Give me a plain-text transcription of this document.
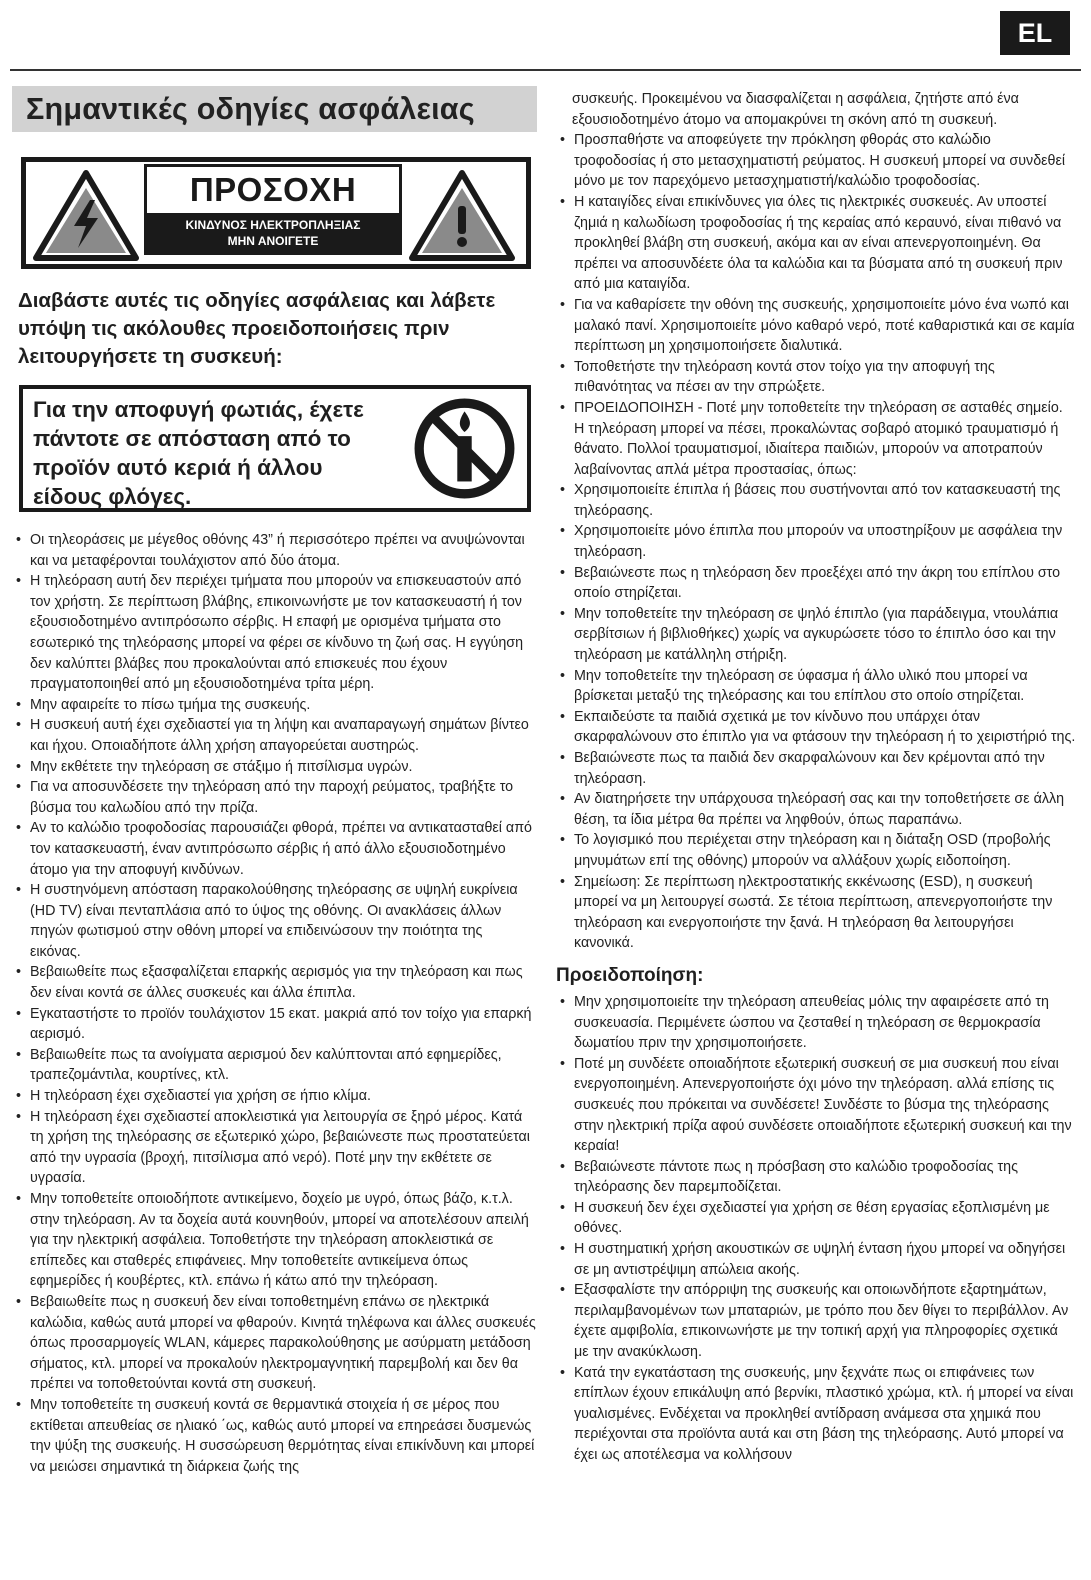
EL
Σημαντικές οδηγίες ασφάλειας
ΠΡΟΣΟΧΗ
ΚΙΝΔΥΝΟΣ ΗΛΕΚΤΡΟΠΛΗΞΙΑΣ
ΜΗΝ ΑΝΟΙΓΕΤΕ
Διαβάστε αυτές τις οδηγίες ασφάλειας και λάβετε υπόψη τις ακόλουθες προειδοποιήσεις πριν λειτουργήσετε τη συσκευή:
Για την αποφυγή φωτιάς, έχετε πάντοτε σε απόσταση από το προϊόν αυτό κεριά ή άλλου είδους φλόγες.
• Οι τηλεοράσεις με μέγεθος οθόνης 43” ή περισσότερο πρέπει να ανυψώνονται και να μεταφέρονται τουλάχιστον από δύο άτομα.
• Η τηλεόραση αυτή δεν περιέχει τμήματα που μπορούν να επισκευαστούν από τον χρήστη. Σε περίπτωση βλάβης, επικοινωνήστε με τον κατασκευαστή ή τον εξουσιοδοτημένο αντιπρόσωπο σέρβις. Η επαφή με ορισμένα τμήματα στο εσωτερικό της τηλεόρασης μπορεί να φέρει σε κίνδυνο τη ζωή σας. Η εγγύηση δεν καλύπτει βλάβες που προκαλούνται από επισκευές που έχουν πραγματοποιηθεί από μη εξουσιοδοτημένα τρίτα μέρη.
• Μην αφαιρείτε το πίσω τμήμα της συσκευής.
• Η συσκευή αυτή έχει σχεδιαστεί για τη λήψη και αναπαραγωγή σημάτων βίντεο και ήχου. Οποιαδήποτε άλλη χρήση απαγορεύεται αυστηρώς.
• Μην εκθέτετε την τηλεόραση σε στάξιμο ή πιτσίλισμα υγρών.
• Για να αποσυνδέσετε την τηλεόραση από την παροχή ρεύματος, τραβήξτε το βύσμα του καλωδίου από την πρίζα.
• Αν το καλώδιο τροφοδοσίας παρουσιάζει φθορά, πρέπει να αντικατασταθεί από τον κατασκευαστή, έναν αντιπρόσωπο σέρβις ή από άλλο εξουσιοδοτημένο άτομο για την αποφυγή κινδύνων.
• Η συστηνόμενη απόσταση παρακολούθησης τηλεόρασης σε υψηλή ευκρίνεια (HD TV) είναι πενταπλάσια από το ύψος της οθόνης. Οι ανακλάσεις άλλων πηγών φωτισμού στην οθόνη μπορεί να επιδεινώσουν την ποιότητα της εικόνας.
• Βεβαιωθείτε πως εξασφαλίζεται επαρκής αερισμός για την τηλεόραση και πως δεν είναι κοντά σε άλλες συσκευές και άλλα έπιπλα.
• Εγκαταστήστε το προϊόν τουλάχιστον 15 εκατ. μακριά από τον τοίχο για επαρκή αερισμό.
• Βεβαιωθείτε πως τα ανοίγματα αερισμού δεν καλύπτονται από εφημερίδες, τραπεζομάντιλα, κουρτίνες, κτλ.
• Η τηλεόραση έχει σχεδιαστεί για χρήση σε ήπιο κλίμα.
• Η τηλεόραση έχει σχεδιαστεί αποκλειστικά για λειτουργία σε ξηρό μέρος. Κατά τη χρήση της τηλεόρασης σε εξωτερικό χώρο, βεβαιώνεστε πως προστατεύεται από την υγρασία (βροχή, πιτσίλισμα από νερό). Ποτέ μην την εκθέτετε σε υγρασία.
• Μην τοποθετείτε οποιοδήποτε αντικείμενο, δοχείο με υγρό, όπως βάζο, κ.τ.λ. στην τηλεόραση. Αν τα δοχεία αυτά κουνηθούν, μπορεί να αποτελέσουν απειλή για την ηλεκτρική ασφάλεια. Τοποθετήστε την τηλεόραση αποκλειστικά σε επίπεδες και σταθερές επιφάνειες. Μην τοποθετείτε αντικείμενα όπως εφημερίδες ή κουβέρτες, κτλ. επάνω ή κάτω από την τηλεόραση.
• Βεβαιωθείτε πως η συσκευή δεν είναι τοποθετημένη επάνω σε ηλεκτρικά καλώδια, καθώς αυτά μπορεί να φθαρούν. Κινητά τηλέφωνα και άλλες συσκευές όπως προσαρμογείς WLAN, κάμερες παρακολούθησης με ασύρματη μετάδοση σήματος, κτλ. μπορεί να προκαλούν ηλεκτρομαγνητική παρεμβολή και δεν θα πρέπει να τοποθετούνται κοντά στη συσκευή.
• Μην τοποθετείτε τη συσκευή κοντά σε θερμαντικά στοιχεία ή σε μέρος που εκτίθεται απευθείας σε ηλιακό ΄ως, καθώς αυτό μπορεί να επηρεάσει δυσμενώς την ψύξη της συσκευής. Η συσσώρευση θερμότητας είναι επικίνδυνη και μπορεί να μειώσει σημαντικά τη διάρκεια ζωής της
συσκευής. Προκειμένου να διασφαλίζεται η ασφάλεια, ζητήστε από ένα εξουσιοδοτημένο άτομο να απομακρύνει τη σκόνη από τη συσκευή.
• Προσπαθήστε να αποφεύγετε την πρόκληση φθοράς στο καλώδιο τροφοδοσίας ή στο μετασχηματιστή ρεύματος. Η συσκευή μπορεί να συνδεθεί μόνο με τον παρεχόμενο μετασχηματιστή/καλώδιο τροφοδοσίας.
• Η καταιγίδες είναι επικίνδυνες για όλες τις ηλεκτρικές συσκευές. Αν υποστεί ζημιά η καλωδίωση τροφοδοσίας ή της κεραίας από κεραυνό, είναι πιθανό να προκληθεί βλάβη στη συσκευή, ακόμα και αν είναι απενεργοποιημένη. Θα πρέπει να αποσυνδέετε όλα τα καλώδια και τα βύσματα από τη συσκευή πριν από μια καταιγίδα.
• Για να καθαρίσετε την οθόνη της συσκευής, χρησιμοποιείτε μόνο ένα νωπό και μαλακό πανί. Χρησιμοποιείτε μόνο καθαρό νερό, ποτέ καθαριστικά και σε καμία περίπτωση μη χρησιμοποιήσετε διαλυτικά.
• Τοποθετήστε την τηλεόραση κοντά στον τοίχο για την αποφυγή της πιθανότητας να πέσει αν την σπρώξετε.
• ΠΡΟΕΙΔΟΠΟΙΗΣΗ - Ποτέ μην τοποθετείτε την τηλεόραση σε ασταθές σημείο. Η τηλεόραση μπορεί να πέσει, προκαλώντας σοβαρό ατομικό τραυματισμό ή θάνατο. Πολλοί τραυματισμοί, ιδιαίτερα παιδιών, μπορούν να αποτραπούν λαβαίνοντας απλά μέτρα προστασίας, όπως:
• Χρησιμοποιείτε έπιπλα ή βάσεις που συστήνονται από τον κατασκευαστή της τηλεόρασης.
• Χρησιμοποιείτε μόνο έπιπλα που μπορούν να υποστηρίξουν με ασφάλεια την τηλεόραση.
• Βεβαιώνεστε πως η τηλεόραση δεν προεξέχει από την άκρη του επίπλου στο οποίο στηρίζεται.
• Μην τοποθετείτε την τηλεόραση σε ψηλό έπιπλο (για παράδειγμα, ντουλάπια σερβίτσιων ή βιβλιοθήκες) χωρίς να αγκυρώσετε τόσο το έπιπλο όσο και την τηλεόραση με κατάλληλη στήριξη.
• Μην τοποθετείτε την τηλεόραση σε ύφασμα ή άλλο υλικό που μπορεί να βρίσκεται μεταξύ της τηλεόρασης και του επίπλου στο οποίο στηρίζεται.
• Εκπαιδεύστε τα παιδιά σχετικά με τον κίνδυνο που υπάρχει όταν σκαρφαλώνουν στο έπιπλο για να φτάσουν την τηλεόραση ή το χειριστήριό της.
• Βεβαιώνεστε πως τα παιδιά δεν σκαρφαλώνουν και δεν κρέμονται από την τηλεόραση.
• Αν διατηρήσετε την υπάρχουσα τηλεόρασή σας και την τοποθετήσετε σε άλλη θέση, τα ίδια μέτρα θα πρέπει να ληφθούν, όπως παραπάνω.
• Το λογισμικό που περιέχεται στην τηλεόραση και η διάταξη OSD (προβολής μηνυμάτων επί της οθόνης) μπορούν να αλλάξουν χωρίς ειδοποίηση.
• Σημείωση: Σε περίπτωση ηλεκτροστατικής εκκένωσης (ESD), η συσκευή μπορεί να μη λειτουργεί σωστά. Σε τέτοια περίπτωση, απενεργοποιήστε την τηλεόραση και ενεργοποιήστε την ξανά. Η τηλεόραση θα λειτουργήσει κανονικά.
Προειδοποίηση:
• Μην χρησιμοποιείτε την τηλεόραση απευθείας μόλις την αφαιρέσετε από τη συσκευασία. Περιμένετε ώσπου να ζεσταθεί η τηλεόραση σε θερμοκρασία δωματίου πριν την χρησιμοποιήσετε.
• Ποτέ μη συνδέετε οποιαδήποτε εξωτερική συσκευή σε μια συσκευή που είναι ενεργοποιημένη. Απενεργοποιήστε όχι μόνο την τηλεόραση. αλλά επίσης τις συσκευές που πρόκειται να συνδέσετε! Συνδέστε το βύσμα της τηλεόρασης στην ηλεκτρική πρίζα αφού συνδέσετε οποιαδήποτε εξωτερική συσκευή και την κεραία!
• Βεβαιώνεστε πάντοτε πως η πρόσβαση στο καλώδιο τροφοδοσίας της τηλεόρασης δεν παρεμποδίζεται.
• Η συσκευή δεν έχει σχεδιαστεί για χρήση σε θέση εργασίας εξοπλισμένη με οθόνες.
• Η συστηματική χρήση ακουστικών σε υψηλή ένταση ήχου μπορεί να οδηγήσει σε μη αντιστρέψιμη απώλεια ακοής.
• Εξασφαλίστε την απόρριψη της συσκευής και οποιωνδήποτε εξαρτημάτων, περιλαμβανομένων των μπαταριών, με τρόπο που δεν θίγει το περιβάλλον. Αν έχετε αμφιβολία, επικοινωνήστε με την τοπική αρχή για πληροφορίες σχετικά με την ανακύκλωση.
• Κατά την εγκατάσταση της συσκευής, μην ξεχνάτε πως οι επιφάνειες των επίπλων έχουν επικάλυψη από βερνίκι, πλαστικό χρώμα, κτλ. ή μπορεί να είναι γυαλισμένες. Ενδέχεται να προκληθεί αντίδραση ανάμεσα στα χημικά που περιέχονται στα προϊόντα αυτά και στη βάση της τηλεόρασης. Αυτό μπορεί να έχει ως αποτέλεσμα να κολλήσουν
